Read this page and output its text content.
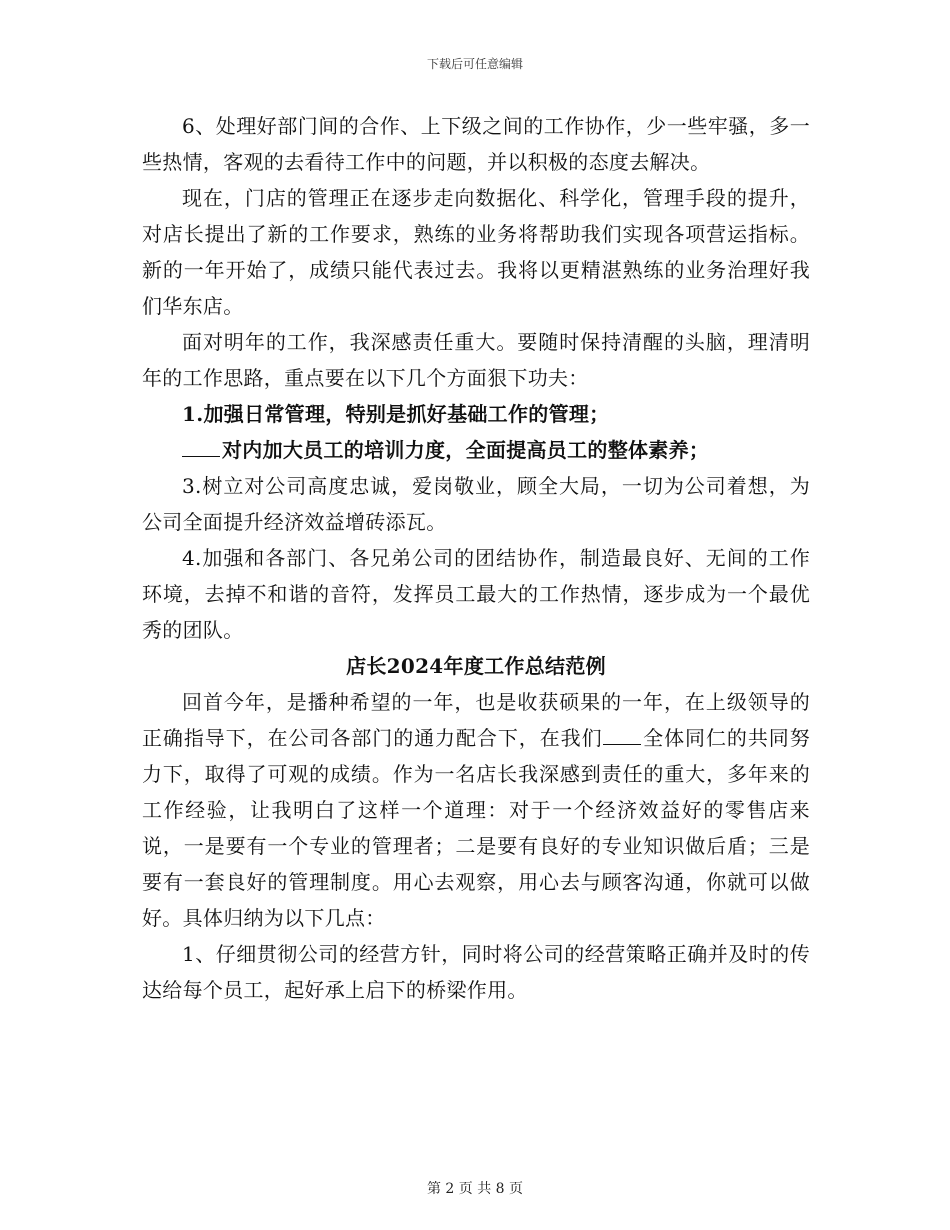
下载后可任意编辑

6、处理好部门间的合作、上下级之间的工作协作，少一些牢骚，多一些热情，客观的去看待工作中的问题，并以积极的态度去解决。

现在，门店的管理正在逐步走向数据化、科学化，管理手段的提升，对店长提出了新的工作要求，熟练的业务将帮助我们实现各项营运指标。新的一年开始了，成绩只能代表过去。我将以更精湛熟练的业务治理好我们华东店。

面对明年的工作，我深感责任重大。要随时保持清醒的头脑，理清明年的工作思路，重点要在以下几个方面狠下功夫：

1.加强日常管理，特别是抓好基础工作的管理；

对内加大员工的培训力度，全面提高员工的整体素养；

3.树立对公司高度忠诚，爱岗敬业，顾全大局，一切为公司着想，为公司全面提升经济效益增砖添瓦。

4.加强和各部门、各兄弟公司的团结协作，制造最良好、无间的工作环境，去掉不和谐的音符，发挥员工最大的工作热情，逐步成为一个最优秀的团队。

店长2024年度工作总结范例

回首今年，是播种希望的一年，也是收获硕果的一年，在上级领导的正确指导下，在公司各部门的通力配合下，在我们 全体同仁的共同努力下，取得了可观的成绩。作为一名店长我深感到责任的重大，多年来的工作经验，让我明白了这样一个道理：对于一个经济效益好的零售店来说，一是要有一个专业的管理者；二是要有良好的专业知识做后盾；三是要有一套良好的管理制度。用心去观察，用心去与顾客沟通，你就可以做好。具体归纳为以下几点：

1、仔细贯彻公司的经营方针，同时将公司的经营策略正确并及时的传达给每个员工，起好承上启下的桥梁作用。

第 2 页 共 8 页
